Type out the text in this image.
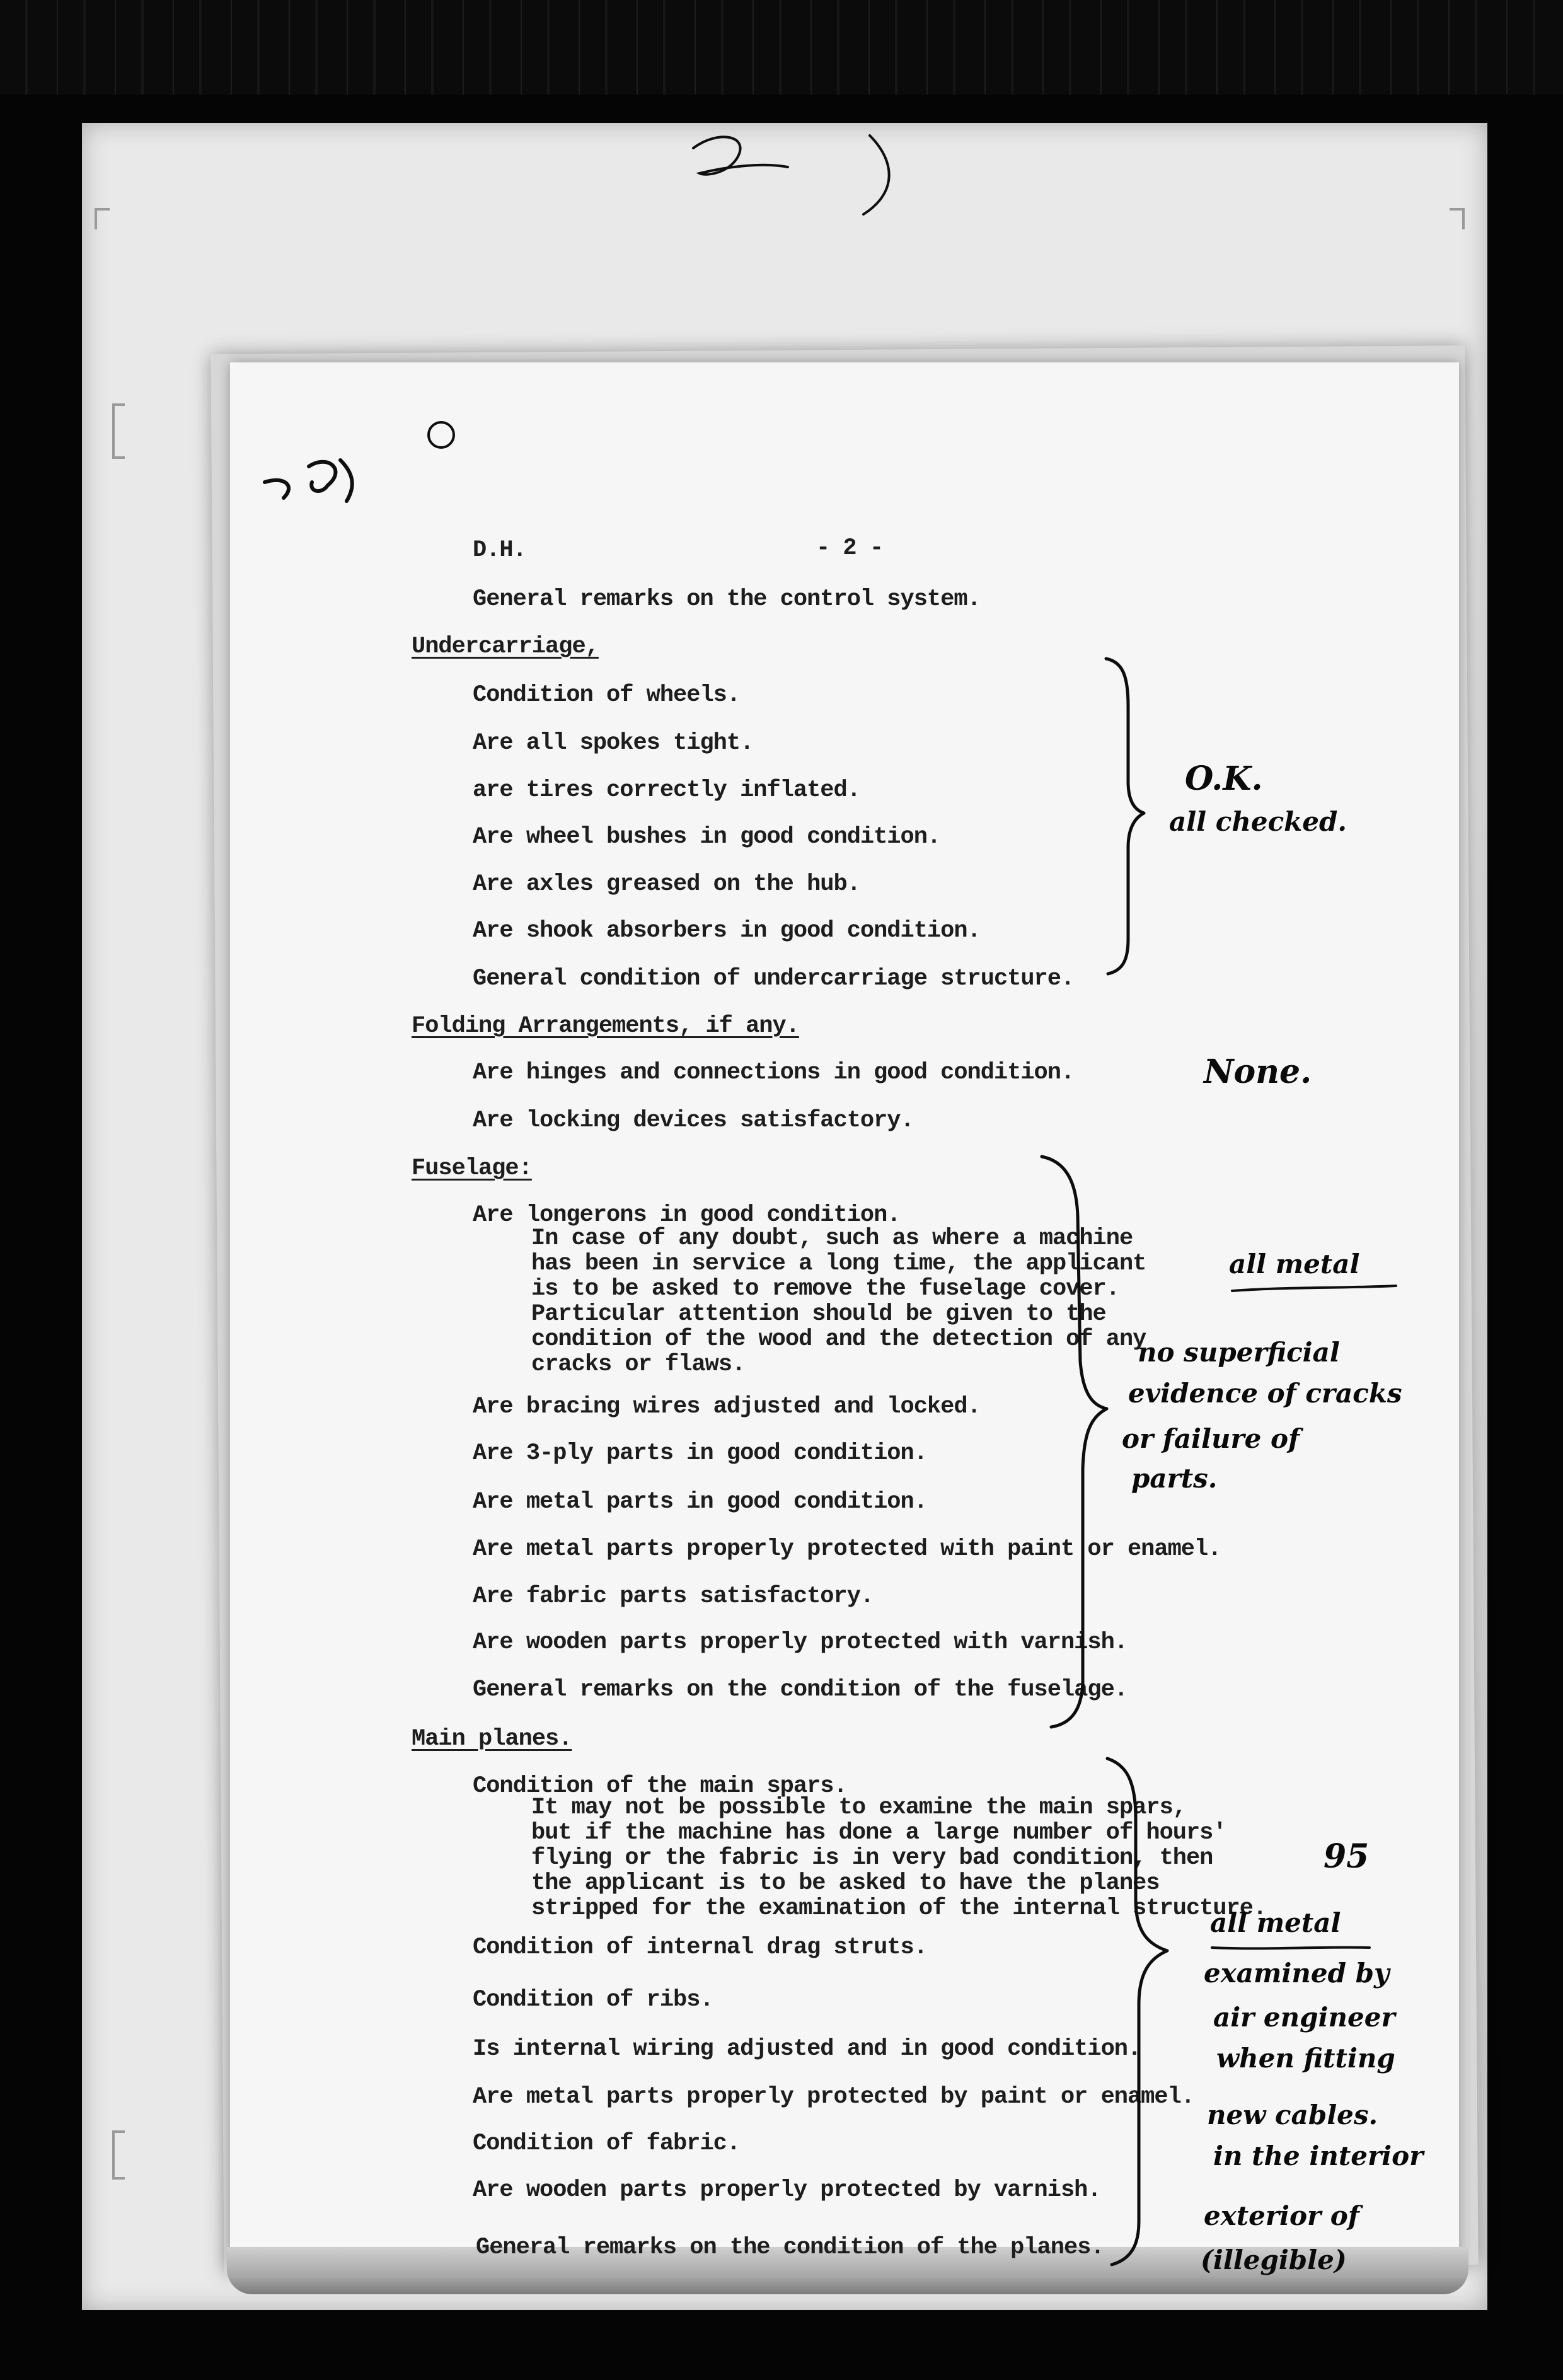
D.H.	- 2 -

General remarks on the control system.

Undercarriage,

Condition of wheels.

Are all spokes tight.

are tires correctly inflated.

Are wheel bushes in good condition.

Are axles greased on the hub.

Are shook absorbers in good condition.

General condition of undercarriage structure.

Folding Arrangements, if any.

Are hinges and connections in good condition.

Are locking devices satisfactory.

Fuselage:

Are longerons in good condition.

In case of any doubt, such as where a machine
has been in service a long time, the applicant
is to be asked to remove the fuselage cover.
Particular attention should be given to the
condition of the wood and the detection of any
cracks or flaws.

Are bracing wires adjusted and locked.

Are 3-ply parts in good condition.

Are metal parts in good condition.

Are metal parts properly protected with paint or enamel.

Are fabric parts satisfactory.

Are wooden parts properly protected with varnish.

General remarks on the condition of the fuselage.

Main planes.

Condition of the main spars.

It may not be possible to examine the main spars,
but if the machine has done a large number of hours'
flying or the fabric is in very bad condition, then
the applicant is to be asked to have the planes
stripped for the examination of the internal structure.

Condition of internal drag struts.

Condition of ribs.

Is internal wiring adjusted and in good condition.

Are metal parts properly protected by paint or enamel.

Condition of fabric.

Are wooden parts properly protected by varnish.

General remarks on the condition of the planes.

O.K.

all checked.

None.

all metal

no superficial

evidence of cracks

or failure of

parts.

95

all metal

examined by

air engineer

when fitting

new cables.

in the interior

exterior of

(illegible)
